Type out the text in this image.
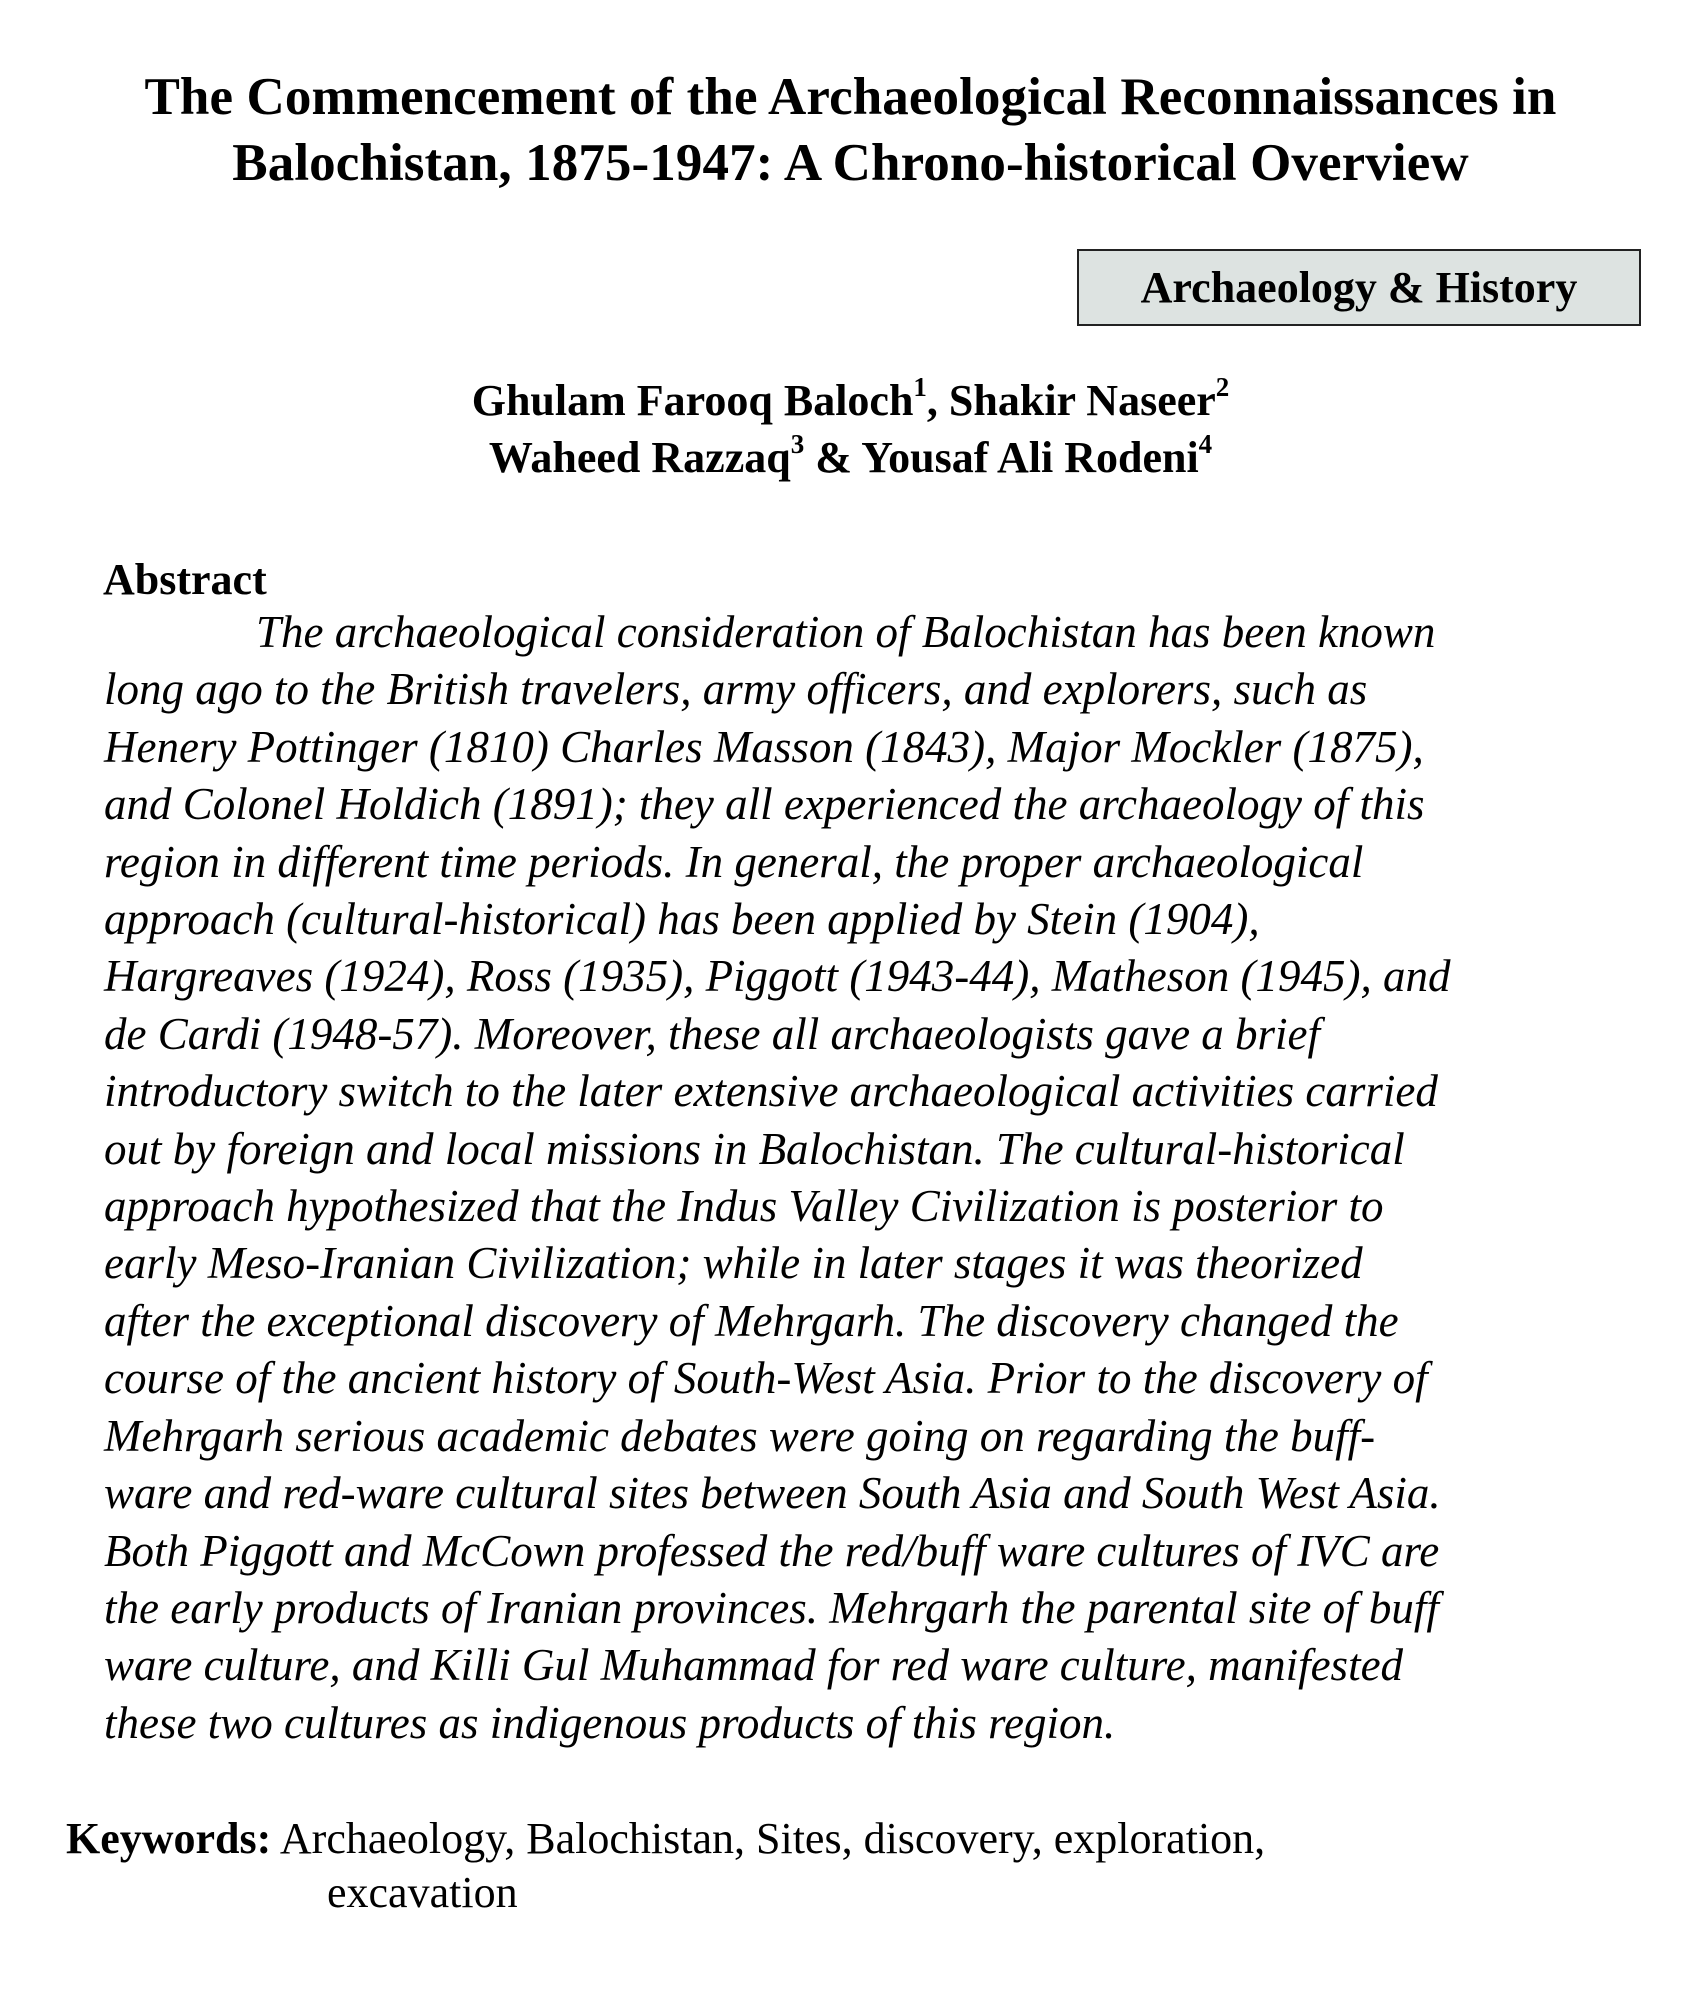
The Commencement of the Archaeological Reconnaissances in
Balochistan, 1875-1947: A Chrono-historical Overview
Archaeology & History
Ghulam Farooq Baloch$^1$, Shakir Naseer$^2$
Waheed Razzaq$^3$ & Yousaf Ali Rodeni$^4$
Abstract
The archaeological consideration of Balochistan has been known
long ago to the British travelers, army officers, and explorers, such as
Henery Pottinger (1810) Charles Masson (1843), Major Mockler (1875),
and Colonel Holdich (1891); they all experienced the archaeology of this
region in different time periods. In general, the proper archaeological
approach (cultural-historical) has been applied by Stein (1904),
Hargreaves (1924), Ross (1935), Piggott (1943-44), Matheson (1945), and
de Cardi (1948-57). Moreover, these all archaeologists gave a brief
introductory switch to the later extensive archaeological activities carried
out by foreign and local missions in Balochistan. The cultural-historical
approach hypothesized that the Indus Valley Civilization is posterior to
early Meso-Iranian Civilization; while in later stages it was theorized
after the exceptional discovery of Mehrgarh. The discovery changed the
course of the ancient history of South-West Asia. Prior to the discovery of
Mehrgarh serious academic debates were going on regarding the buff-
ware and red-ware cultural sites between South Asia and South West Asia.
Both Piggott and McCown professed the red/buff ware cultures of IVC are
the early products of Iranian provinces. Mehrgarh the parental site of buff
ware culture, and Killi Gul Muhammad for red ware culture, manifested
these two cultures as indigenous products of this region.
Keywords: Archaeology, Balochistan, Sites, discovery, exploration,
excavation
